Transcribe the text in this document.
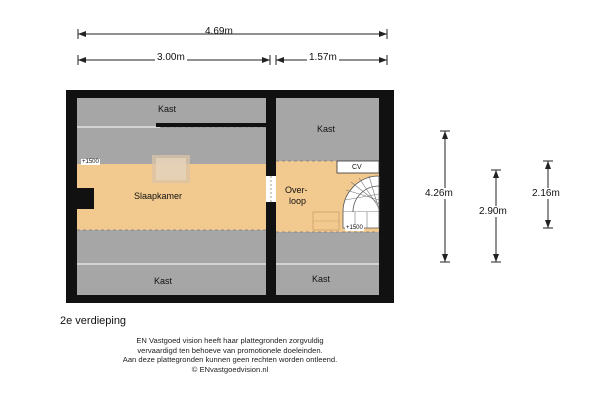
4.69m
3.00m	1.57m
4.26m
2.90m
2.16m
Kast
Kast
Slaapkamer
Over-
loop
CV
Kast	Kast
+1500
+1500
2e verdieping
EN Vastgoed vision heeft haar plattegronden zorgvuldig
vervaardigd ten behoeve van promotionele doeleinden.
Aan deze plattegronden kunnen geen rechten worden ontleend.
© ENvastgoedvision.nl
